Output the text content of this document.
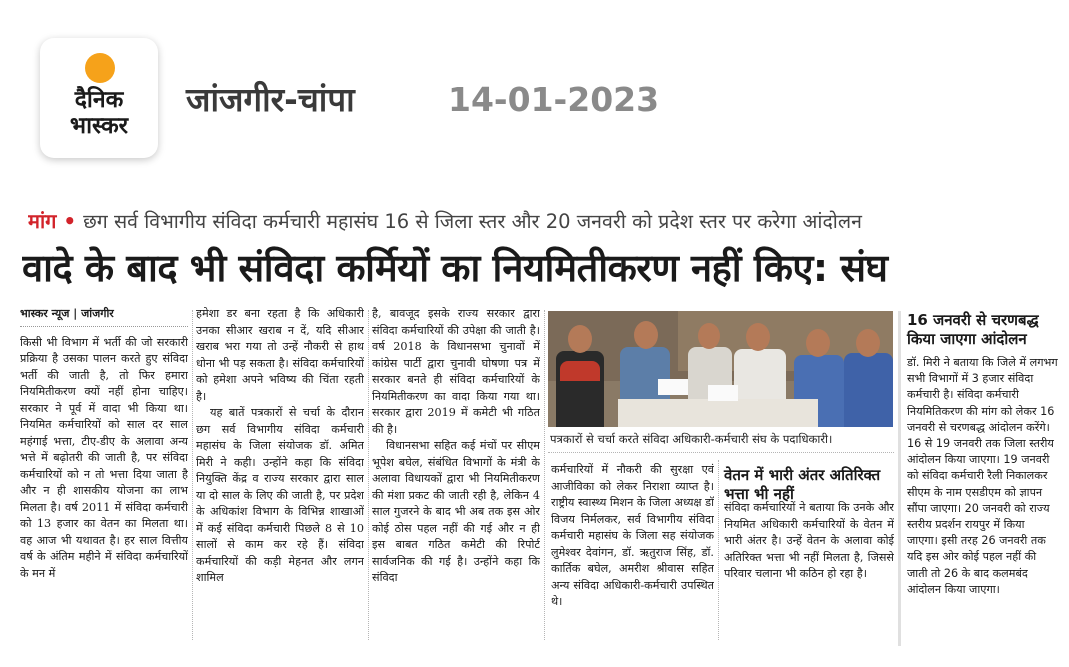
दैनिक
भास्कर
जांजगीर-चांपा	14-01-2023
मांग • छग सर्व विभागीय संविदा कर्मचारी महासंघ 16 से जिला स्तर और 20 जनवरी को प्रदेश स्तर पर करेगा आंदोलन
वादे के बाद भी संविदा कर्मियों का नियमितीकरण नहीं किए: संघ
भास्कर न्यूज | जांजगीर

किसी भी विभाग में भर्ती की जो सरकारी प्रक्रिया है उसका पालन करते हुए संविदा भर्ती की जाती है, तो फिर हमारा नियमितीकरण क्यों नहीं होना चाहिए। सरकार ने पूर्व में वादा भी किया था। नियमित कर्मचारियों को साल दर साल महंगाई भत्ता, टीए-डीए के अलावा अन्य भत्ते में बढ़ोतरी की जाती है, पर संविदा कर्मचारियों को न तो भत्ता दिया जाता है और न ही शासकीय योजना का लाभ मिलता है। वर्ष 2011 में संविदा कर्मचारी को 13 हजार का वेतन का मिलता था। वह आज भी यथावत है। हर साल वित्तीय वर्ष के अंतिम महीने में संविदा कर्मचारियों के मन में

हमेशा डर बना रहता है कि अधिकारी उनका सीआर खराब न दें, यदि सीआर खराब भरा गया तो उन्हें नौकरी से हाथ धोना भी पड़ सकता है। संविदा कर्मचारियों को हमेशा अपने भविष्य की चिंता रहती है।

यह बातें पत्रकारों से चर्चा के दौरान छग सर्व विभागीय संविदा कर्मचारी महासंघ के जिला संयोजक डॉ. अमित मिरी ने कही। उन्होंने कहा कि संविदा नियुक्ति केंद्र व राज्य सरकार द्वारा साल या दो साल के लिए की जाती है, पर प्रदेश के अधिकांश विभाग के विभिन्न शाखाओं में कई संविदा कर्मचारी पिछले 8 से 10 सालों से काम कर रहे हैं। संविदा कर्मचारियों की कड़ी मेहनत और लगन शामिल

है, बावजूद इसके राज्य सरकार द्वारा संविदा कर्मचारियों की उपेक्षा की जाती है। वर्ष 2018 के विधानसभा चुनावों में कांग्रेस पार्टी द्वारा चुनावी घोषणा पत्र में सरकार बनते ही संविदा कर्मचारियों के नियमितीकरण का वादा किया गया था। सरकार द्वारा 2019 में कमेटी भी गठित की है।

विधानसभा सहित कई मंचों पर सीएम भूपेश बघेल, संबंधित विभागों के मंत्री के अलावा विधायकों द्वारा भी नियमितीकरण की मंशा प्रकट की जाती रही है, लेकिन 4 साल गुजरने के बाद भी अब तक इस ओर कोई ठोस पहल नहीं की गई और न ही इस बाबत गठित कमेटी की रिपोर्ट सार्वजनिक की गई है। उन्होंने कहा कि संविदा

पत्रकारों से चर्चा करते संविदा अधिकारी-कर्मचारी संघ के पदाधिकारी।

कर्मचारियों में नौकरी की सुरक्षा एवं आजीविका को लेकर निराशा व्याप्त है। राष्ट्रीय स्वास्थ्य मिशन के जिला अध्यक्ष डॉ विजय निर्मलकर, सर्व विभागीय संविदा कर्मचारी महासंघ के जिला सह संयोजक लुमेश्वर देवांगन, डॉ. ऋतुराज सिंह, डॉ. कार्तिक बघेल, अमरीश श्रीवास सहित अन्य संविदा अधिकारी-कर्मचारी उपस्थित थे।

वेतन में भारी अंतर अतिरिक्त भत्ता भी नहीं

संविदा कर्मचारियों ने बताया कि उनके और नियमित अधिकारी कर्मचारियों के वेतन में भारी अंतर है। उन्हें वेतन के अलावा कोई अतिरिक्त भत्ता भी नहीं मिलता है, जिससे परिवार चलाना भी कठिन हो रहा है।

16 जनवरी से चरणबद्ध किया जाएगा आंदोलन
डॉ. मिरी ने बताया कि जिले में लगभग सभी विभागों में 3 हजार संविदा कर्मचारी है। संविदा कर्मचारी नियमितिकरण की मांग को लेकर 16 जनवरी से चरणबद्ध आंदोलन करेंगे। 16 से 19 जनवरी तक जिला स्तरीय आंदोलन किया जाएगा। 19 जनवरी को संविदा कर्मचारी रैली निकालकर सीएम के नाम एसडीएम को ज्ञापन सौंपा जाएगा। 20 जनवरी को राज्य स्तरीय प्रदर्शन रायपुर में किया जाएगा। इसी तरह 26 जनवरी तक यदि इस ओर कोई पहल नहीं की जाती तो 26 के बाद कलमबंद आंदोलन किया जाएगा।
